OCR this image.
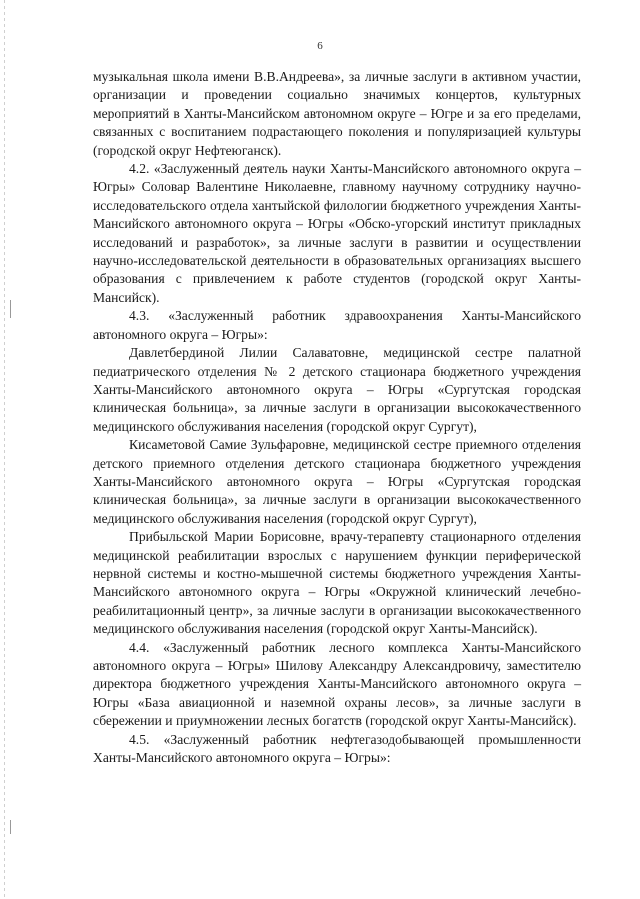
6

музыкальная школа имени В.В.Андреева», за личные заслуги в активном участии, организации и проведении социально значимых концертов, культурных мероприятий в Ханты-Мансийском автономном округе – Югре и за его пределами, связанных с воспитанием подрастающего поколения и популяризацией культуры (городской округ Нефтеюганск).

4.2. «Заслуженный деятель науки Ханты-Мансийского автономного округа – Югры» Соловар Валентине Николаевне, главному научному сотруднику научно-исследовательского отдела хантыйской филологии бюджетного учреждения Ханты-Мансийского автономного округа – Югры «Обско-угорский институт прикладных исследований и разработок», за личные заслуги в развитии и осуществлении научно-исследовательской деятельности в образовательных организациях высшего образования с привлечением к работе студентов (городской округ Ханты-Мансийск).

4.3. «Заслуженный работник здравоохранения Ханты-Мансийского автономного округа – Югры»:

Давлетбердиной Лилии Салаватовне, медицинской сестре палатной педиатрического отделения № 2 детского стационара бюджетного учреждения Ханты-Мансийского автономного округа – Югры «Сургутская городская клиническая больница», за личные заслуги в организации высококачественного медицинского обслуживания населения (городской округ Сургут),

Кисаметовой Самие Зульфаровне, медицинской сестре приемного отделения детского приемного отделения детского стационара бюджетного учреждения Ханты-Мансийского автономного округа – Югры «Сургутская городская клиническая больница», за личные заслуги в организации высококачественного медицинского обслуживания населения (городской округ Сургут),

Прибыльской Марии Борисовне, врачу-терапевту стационарного отделения медицинской реабилитации взрослых с нарушением функции периферической нервной системы и костно-мышечной системы бюджетного учреждения Ханты-Мансийского автономного округа – Югры «Окружной клинический лечебно-реабилитационный центр», за личные заслуги в организации высококачественного медицинского обслуживания населения (городской округ Ханты-Мансийск).

4.4. «Заслуженный работник лесного комплекса Ханты-Мансийского автономного округа – Югры» Шилову Александру Александровичу, заместителю директора бюджетного учреждения Ханты-Мансийского автономного округа – Югры «База авиационной и наземной охраны лесов», за личные заслуги в сбережении и приумножении лесных богатств (городской округ Ханты-Мансийск).

4.5. «Заслуженный работник нефтегазодобывающей промышленности Ханты-Мансийского автономного округа – Югры»:
